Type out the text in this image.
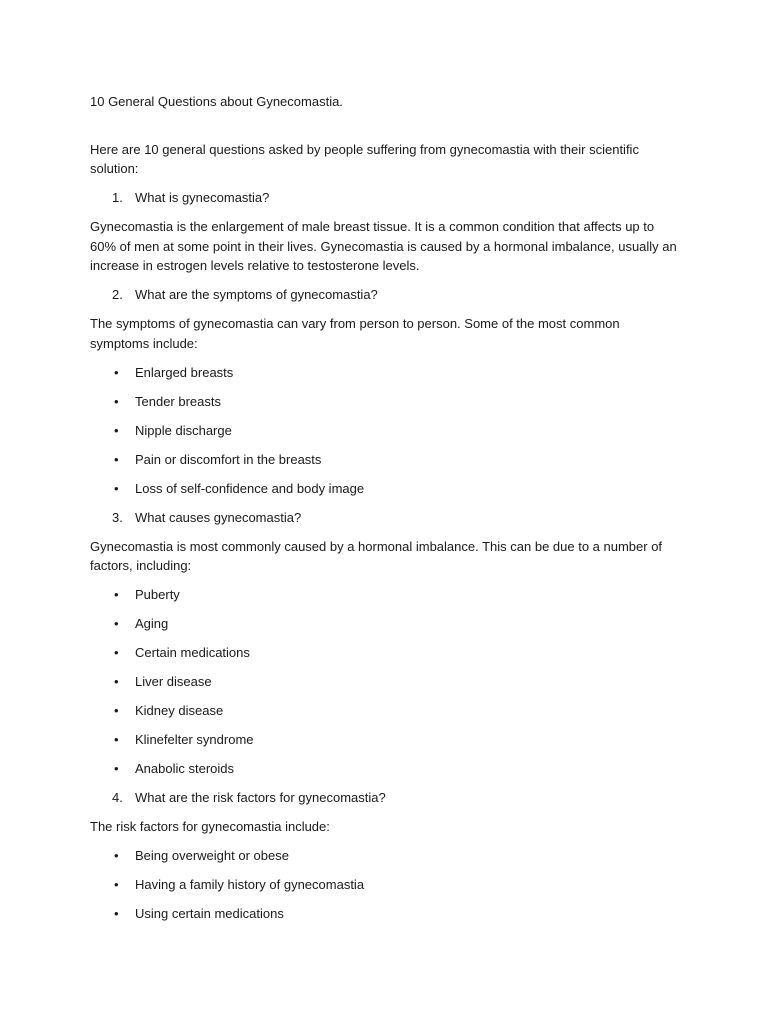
10 General Questions about Gynecomastia.

Here are 10 general questions asked by people suffering from gynecomastia with their scientific solution:

1. What is gynecomastia?

Gynecomastia is the enlargement of male breast tissue. It is a common condition that affects up to 60% of men at some point in their lives. Gynecomastia is caused by a hormonal imbalance, usually an increase in estrogen levels relative to testosterone levels.

2. What are the symptoms of gynecomastia?

The symptoms of gynecomastia can vary from person to person. Some of the most common symptoms include:

• Enlarged breasts
• Tender breasts
• Nipple discharge
• Pain or discomfort in the breasts
• Loss of self-confidence and body image
3. What causes gynecomastia?

Gynecomastia is most commonly caused by a hormonal imbalance. This can be due to a number of factors, including:

• Puberty
• Aging
• Certain medications
• Liver disease
• Kidney disease
• Klinefelter syndrome
• Anabolic steroids
4. What are the risk factors for gynecomastia?

The risk factors for gynecomastia include:

• Being overweight or obese
• Having a family history of gynecomastia
• Using certain medications
